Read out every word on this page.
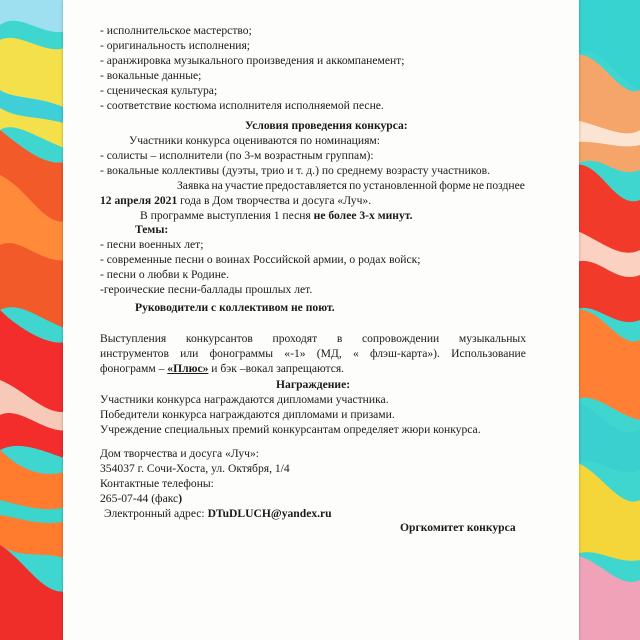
- исполнительское мастерство;
- оригинальность исполнения;
- аранжировка музыкального произведения и аккомпанемент;
- вокальные данные;
- сценическая культура;
- соответствие костюма исполнителя исполняемой песне.
Условия проведения конкурса:
Участники конкурса оцениваются по номинациям:
- солисты – исполнители (по 3-м возрастным группам):
- вокальные коллективы (дуэты, трио и т. д.) по среднему возрасту участников.
Заявка на участие предоставляется по установленной форме не позднее
12 апреля 2021 года в Дом творчества и досуга «Луч».
В программе выступления 1 песня не более 3-х минут.
Темы:
- песни военных лет;
- современные песни о воинах Российской армии, о родах войск;
- песни о любви к Родине.
-героические песни-баллады прошлых лет.
Руководители с коллективом не поют.
Выступления конкурсантов проходят в сопровождении музыкальных
инструментов или фонограммы «-1» (МД, « флэш-карта»). Использование
фонограмм – «Плюс» и бэк –вокал запрещаются.
Награждение:
Участники конкурса награждаются дипломами участника.
Победители конкурса награждаются дипломами и призами.
Учреждение специальных премий конкурсантам определяет жюри конкурса.
Дом творчества и досуга «Луч»:
354037 г. Сочи-Хоста, ул. Октября, 1/4
Контактные телефоны:
265-07-44 (факс)
Электронный адрес: DTuDLUCH@yandex.ru
Оргкомитет конкурса
